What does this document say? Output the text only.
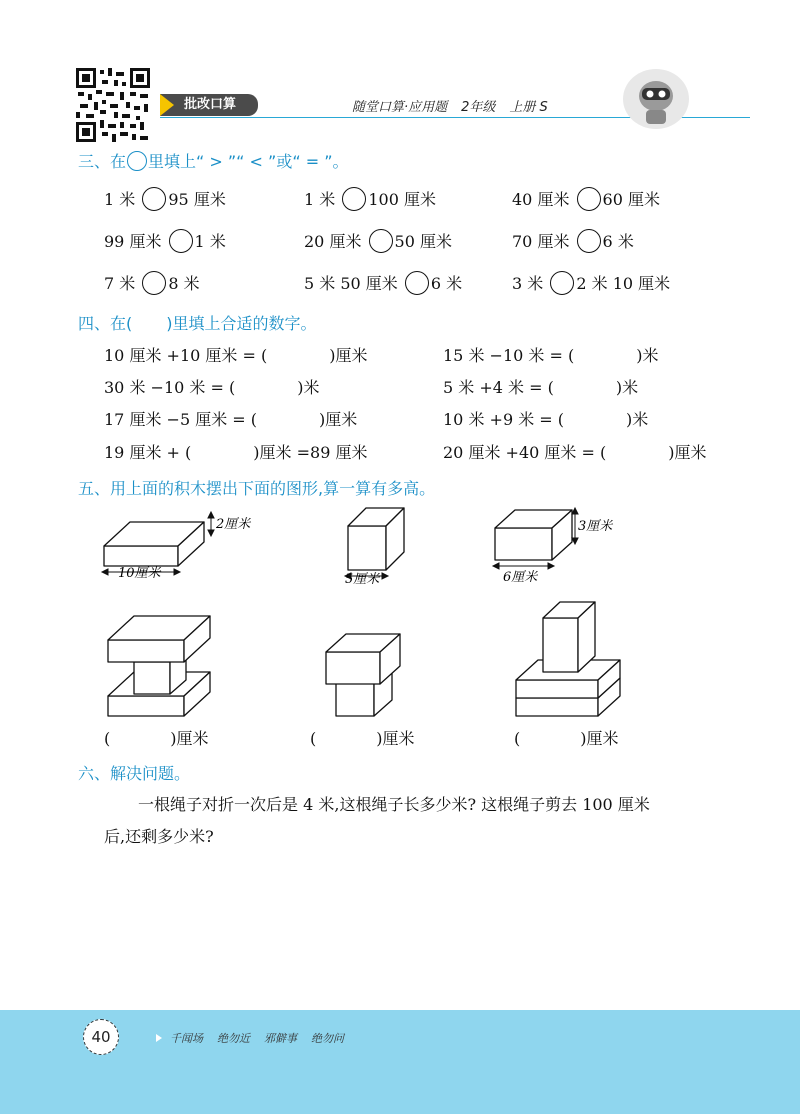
批改口算	随堂口算·应用题 2年级 上册 S
三、在 里填上“ > ”“ < ”或“ = ”。
1 米 95 厘米	1 米 100 厘米	40 厘米 60 厘米
99 厘米 1 米	20 厘米 50 厘米	70 厘米 6 米
7 米 8 米	5 米 50 厘米 6 米	3 米 2 米 10 厘米
四、在( )里填上合适的数字。
10 厘米 +10 厘米 = (	)厘米	15 米 −10 米 = (	)米
30 米 −10 米 = (	)米	5 米 +4 米 = (	)米
17 厘米 −5 厘米 = (	)厘米	10 米 +9 米 = (	)米
19 厘米 + (	)厘米 =89 厘米	20 厘米 +40 厘米 = (	)厘米
五、用上面的积木摆出下面的图形,算一算有多高。
2厘米
10厘米	5厘米
3厘米
6厘米
(	)厘米	(	)厘米	(	)厘米
六、解决问题。
一根绳子对折一次后是 4 米,这根绳子长多少米? 这根绳子剪去 100 厘米
后,还剩多少米?
40	千闻场 绝勿近 邪僻事 绝勿问
